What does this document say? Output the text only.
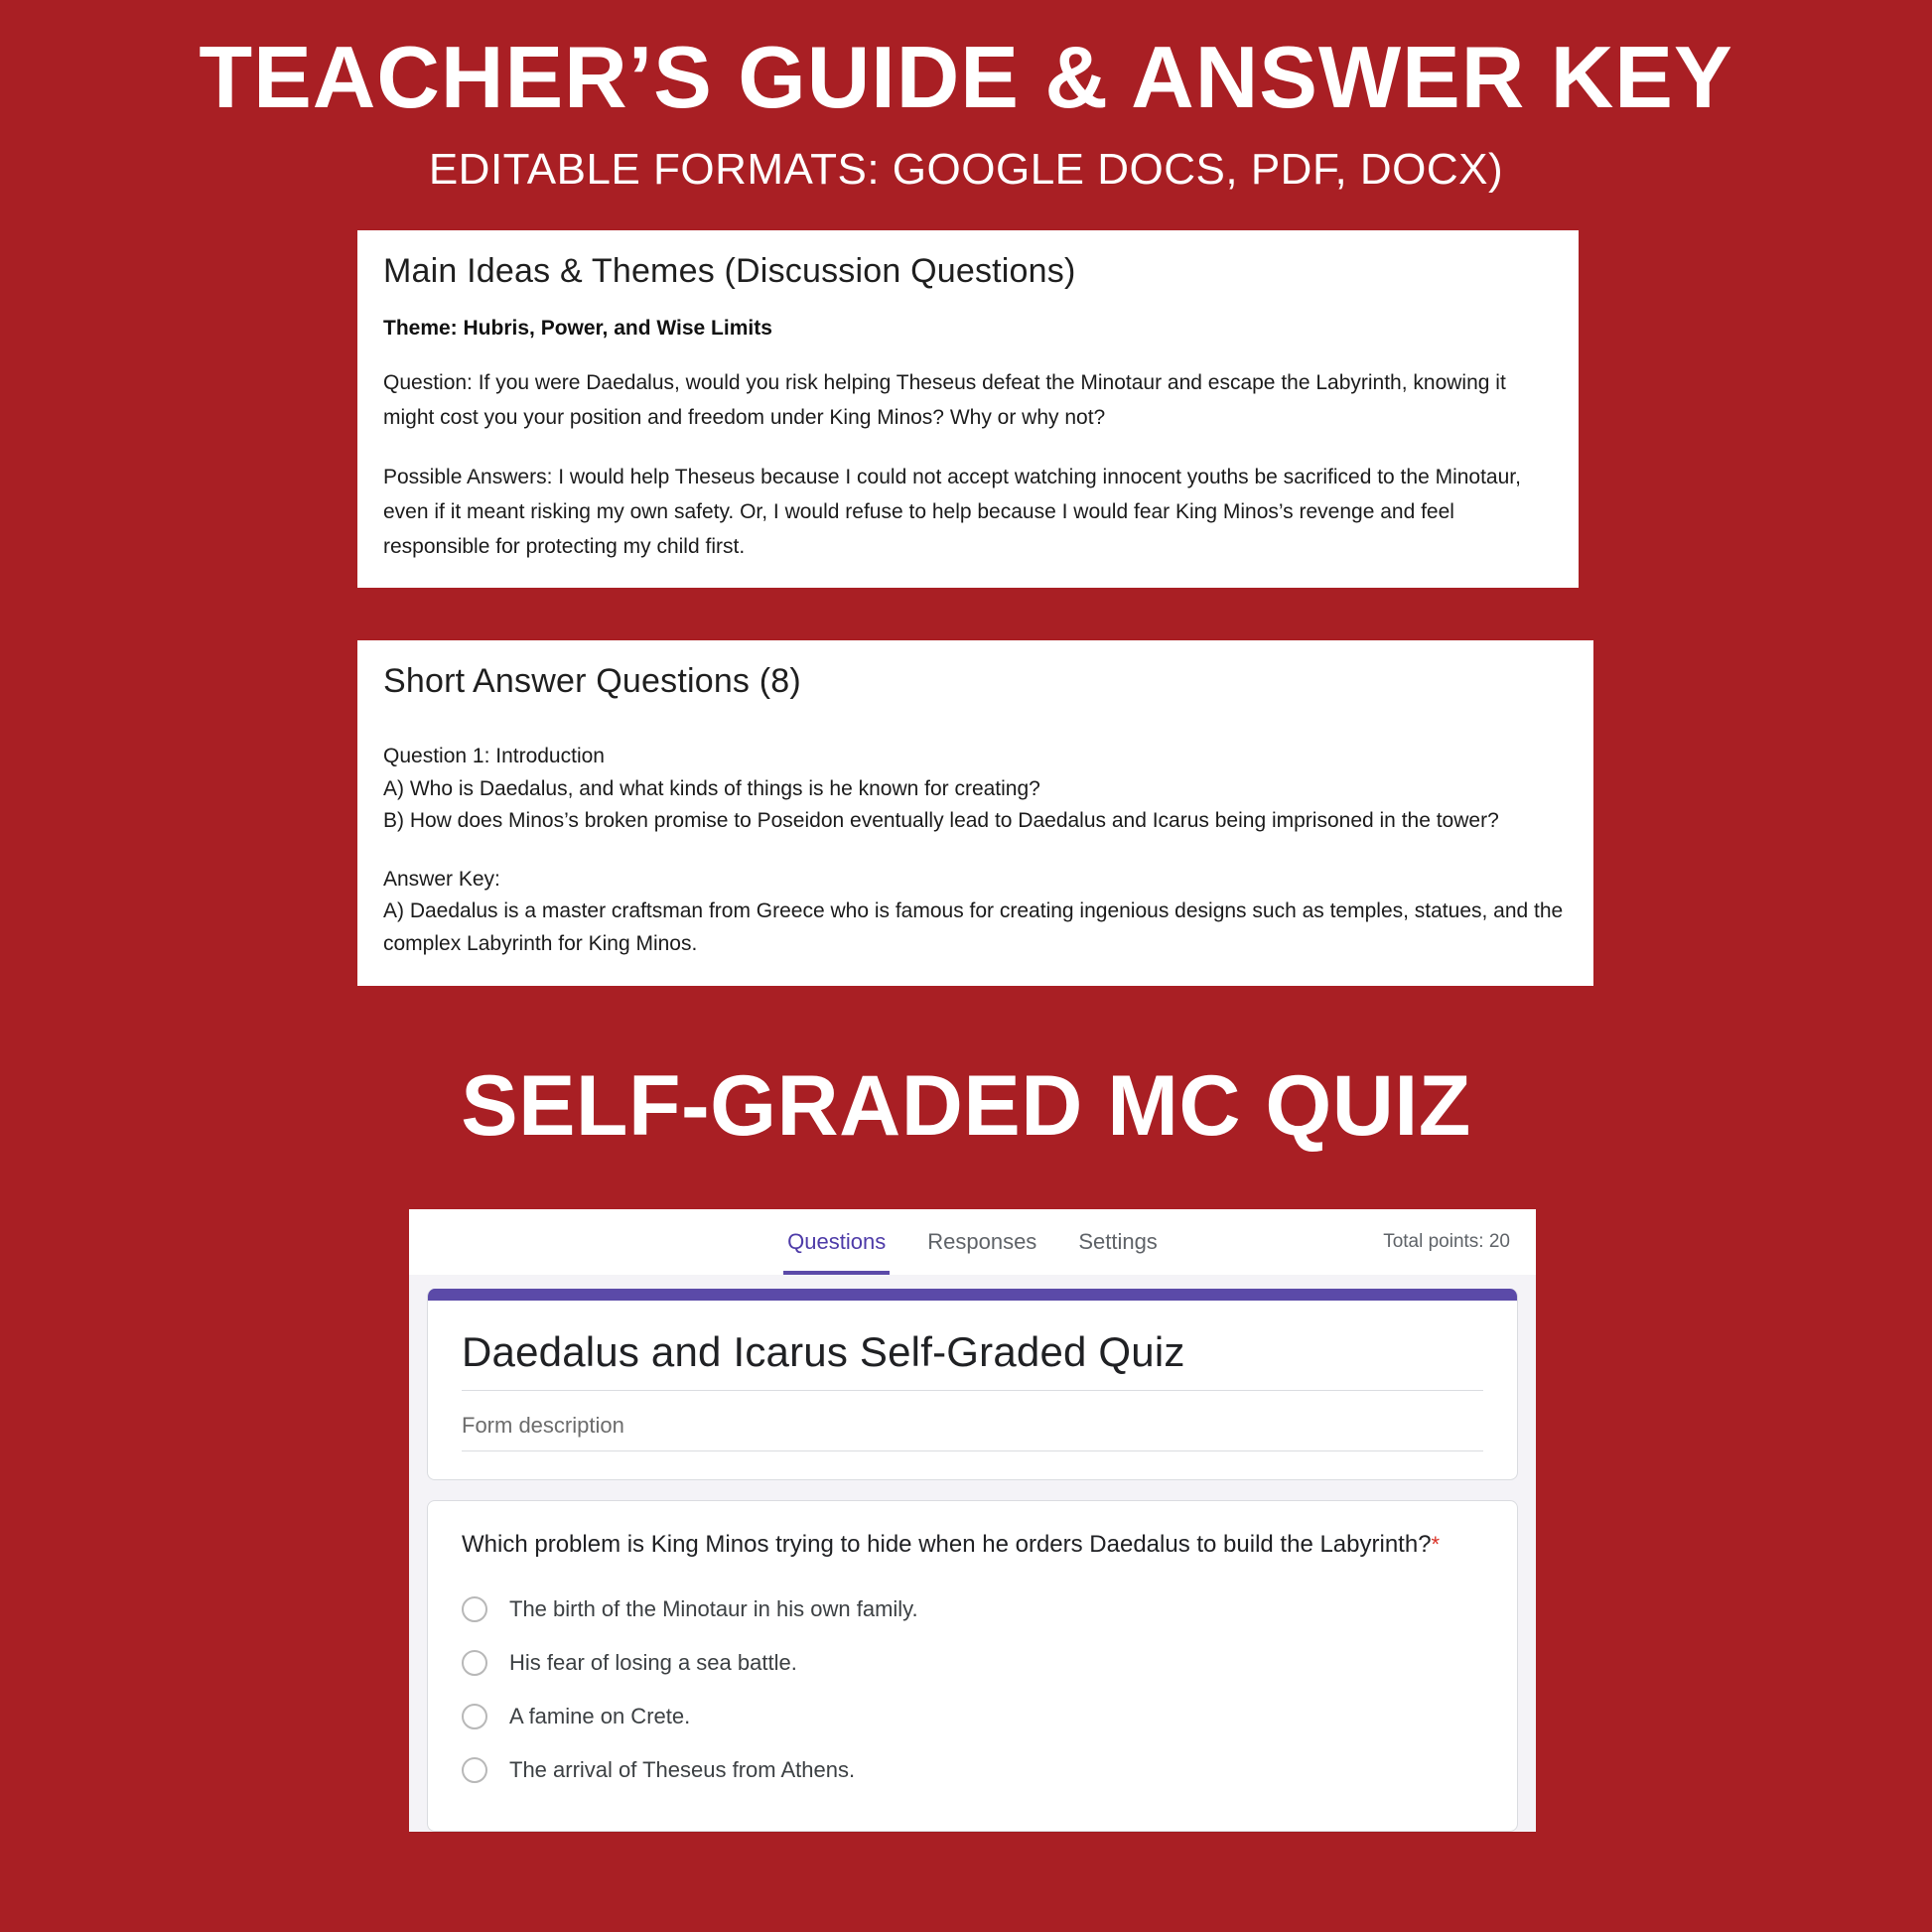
TEACHER’S GUIDE & ANSWER KEY
EDITABLE FORMATS: GOOGLE DOCS, PDF, DOCX)
Main Ideas & Themes (Discussion Questions)
Theme: Hubris, Power, and Wise Limits
Question: If you were Daedalus, would you risk helping Theseus defeat the Minotaur and escape the Labyrinth, knowing it might cost you your position and freedom under King Minos? Why or why not?
Possible Answers: I would help Theseus because I could not accept watching innocent youths be sacrificed to the Minotaur, even if it meant risking my own safety. Or, I would refuse to help because I would fear King Minos’s revenge and feel responsible for protecting my child first.
Short Answer Questions (8)
Question 1: Introduction
A) Who is Daedalus, and what kinds of things is he known for creating?
B) How does Minos’s broken promise to Poseidon eventually lead to Daedalus and Icarus being imprisoned in the tower?
Answer Key:
A) Daedalus is a master craftsman from Greece who is famous for creating ingenious designs such as temples, statues, and the complex Labyrinth for King Minos.
SELF-GRADED MC QUIZ
Questions Responses Settings	Total points: 20
Daedalus and Icarus Self-Graded Quiz
Form description
Which problem is King Minos trying to hide when he orders Daedalus to build the Labyrinth?*
The birth of the Minotaur in his own family.
His fear of losing a sea battle.
A famine on Crete.
The arrival of Theseus from Athens.
